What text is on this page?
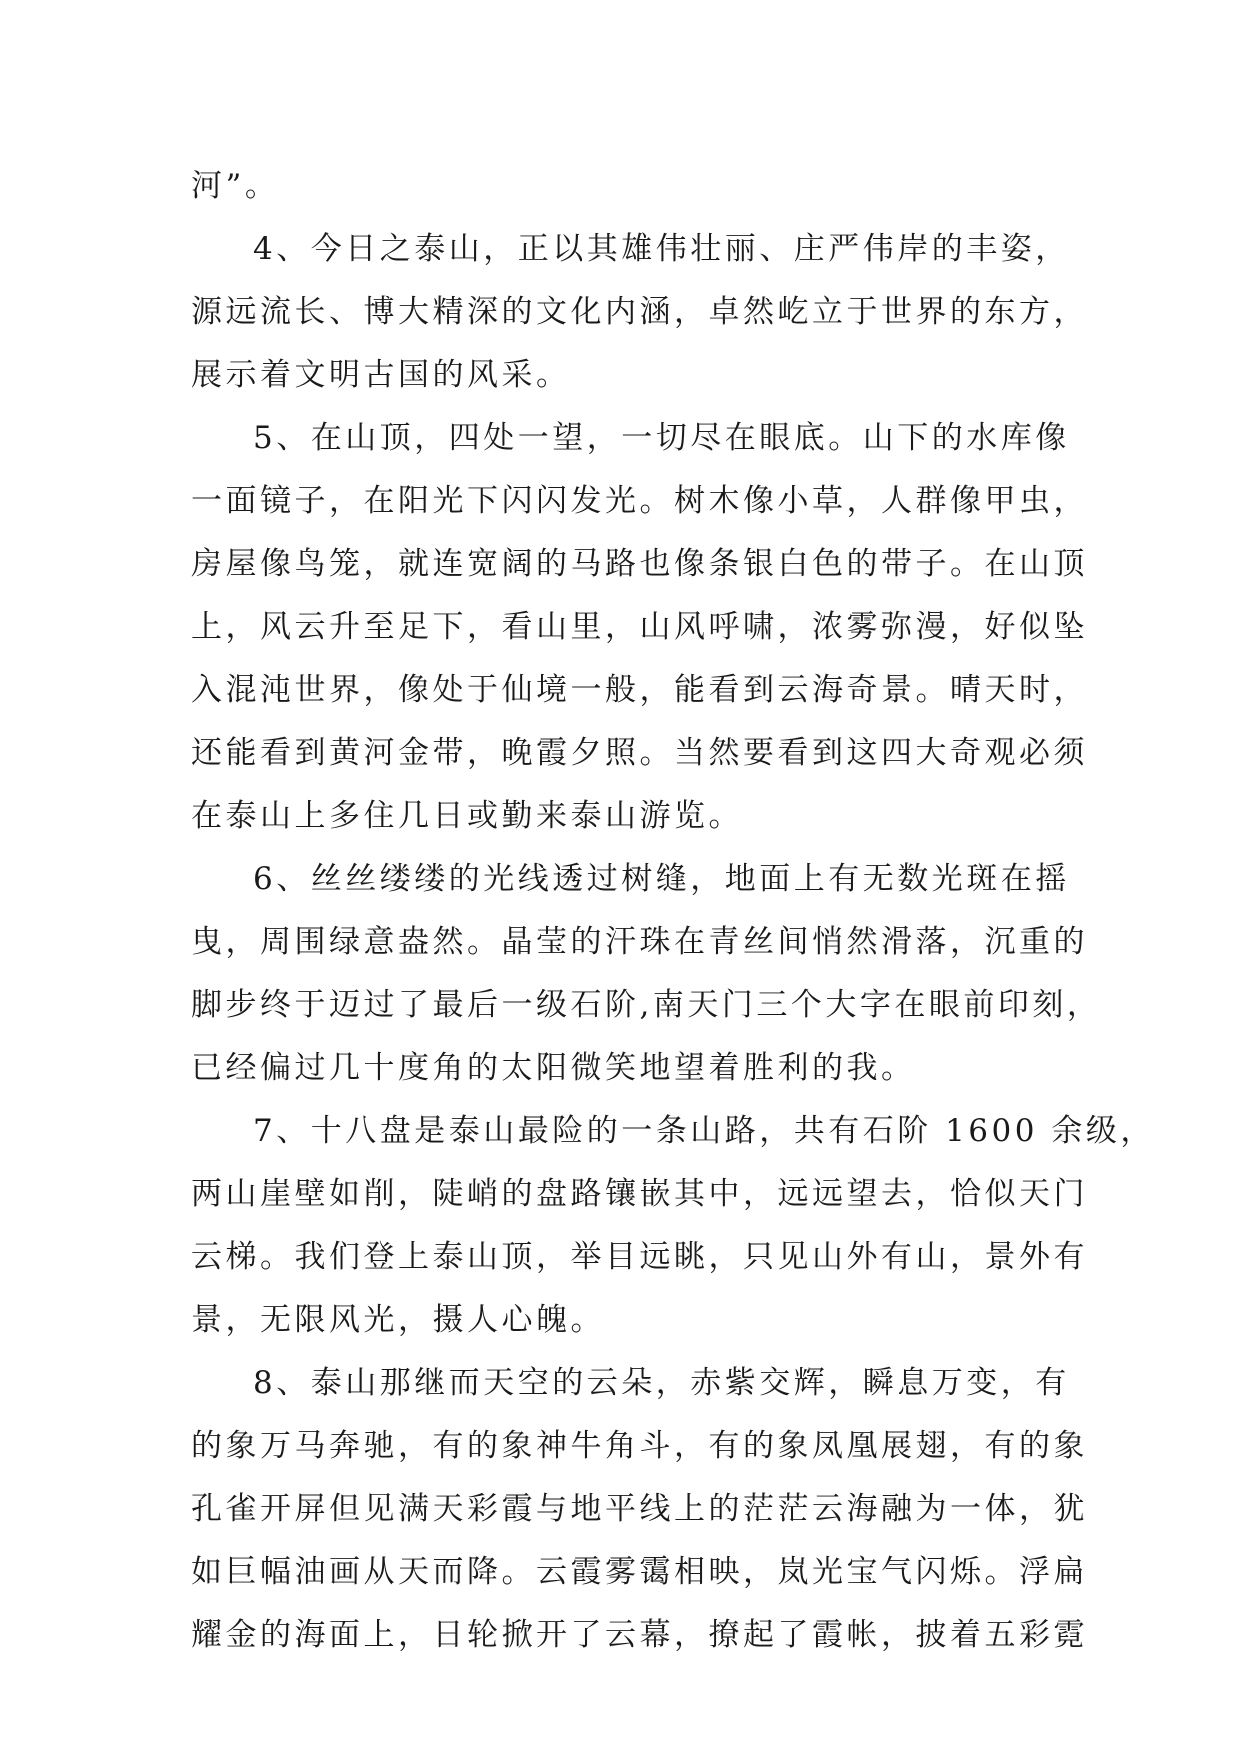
河”。
4、今日之泰山，正以其雄伟壮丽、庄严伟岸的丰姿，
源远流长、博大精深的文化内涵，卓然屹立于世界的东方，
展示着文明古国的风采。
5、在山顶，四处一望，一切尽在眼底。山下的水库像
一面镜子，在阳光下闪闪发光。树木像小草，人群像甲虫，
房屋像鸟笼，就连宽阔的马路也像条银白色的带子。在山顶
上，风云升至足下，看山里，山风呼啸，浓雾弥漫，好似坠
入混沌世界，像处于仙境一般，能看到云海奇景。晴天时，
还能看到黄河金带，晚霞夕照。当然要看到这四大奇观必须
在泰山上多住几日或勤来泰山游览。
6、丝丝缕缕的光线透过树缝，地面上有无数光斑在摇
曳，周围绿意盎然。晶莹的汗珠在青丝间悄然滑落，沉重的
脚步终于迈过了最后一级石阶,南天门三个大字在眼前印刻，
已经偏过几十度角的太阳微笑地望着胜利的我。
7、十八盘是泰山最险的一条山路，共有石阶 1600 余级，
两山崖壁如削，陡峭的盘路镶嵌其中，远远望去，恰似天门
云梯。我们登上泰山顶，举目远眺，只见山外有山，景外有
景，无限风光，摄人心魄。
8、泰山那继而天空的云朵，赤紫交辉，瞬息万变，有
的象万马奔驰，有的象神牛角斗，有的象凤凰展翅，有的象
孔雀开屏但见满天彩霞与地平线上的茫茫云海融为一体，犹
如巨幅油画从天而降。云霞雾霭相映，岚光宝气闪烁。浮扁
耀金的海面上，日轮掀开了云幕，撩起了霞帐，披着五彩霓
